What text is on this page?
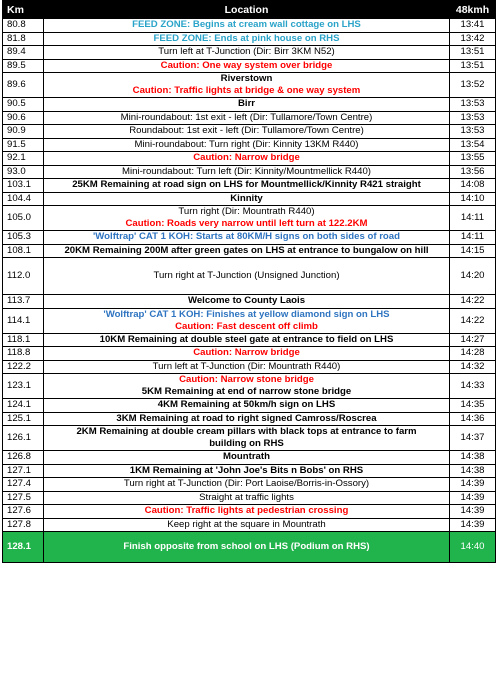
Km	Location	48kmh
80.8	FEED ZONE: Begins at cream wall cottage on LHS	13:41
81.8	FEED ZONE: Ends at pink house on RHS	13:42
89.4	Turn left at T-Junction (Dir: Birr 3KM N52)	13:51
89.5	Caution: One way system over bridge	13:51
89.6	Riverstown
Caution: Traffic lights at bridge & one way system	13:52
90.5	Birr	13:53
90.6	Mini-roundabout: 1st exit - left (Dir: Tullamore/Town Centre)	13:53
90.9	Roundabout: 1st exit - left (Dir: Tullamore/Town Centre)	13:53
91.5	Mini-roundabout: Turn right (Dir: Kinnity 13KM R440)	13:54
92.1	Caution: Narrow bridge	13:55
93.0	Mini-roundabout: Turn left (Dir: Kinnity/Mountmellick R440)	13:56
103.1	25KM Remaining at road sign on LHS for Mountmellick/Kinnity R421 straight	14:08
104.4	Kinnity	14:10
105.0	Turn right (Dir: Mountrath R440)
Caution: Roads very narrow until left turn at 122.2KM	14:11
105.3	'Wolftrap' CAT 1 KOH: Starts at 80KM/H signs on both sides of road	14:11
108.1	20KM Remaining 200M after green gates on LHS at entrance to bungalow on hill	14:15
112.0	Turn right at T-Junction (Unsigned Junction)	14:20
113.7	Welcome to County Laois	14:22
114.1	'Wolftrap' CAT 1 KOH: Finishes at yellow diamond sign on LHS
Caution: Fast descent off climb	14:22
118.1	10KM Remaining at double steel gate at entrance to field on LHS	14:27
118.8	Caution: Narrow bridge	14:28
122.2	Turn left at T-Junction (Dir: Mountrath R440)	14:32
123.1	Caution: Narrow stone bridge
5KM Remaining at end of narrow stone bridge	14:33
124.1	4KM Remaining at 50km/h sign on LHS	14:35
125.1	3KM Remaining at road to right signed Camross/Roscrea	14:36
126.1	2KM Remaining at double cream pillars with black tops at entrance to farm
building on RHS	14:37
126.8	Mountrath	14:38
127.1	1KM Remaining at 'John Joe's Bits n Bobs' on RHS	14:38
127.4	Turn right at T-Junction (Dir: Port Laoise/Borris-in-Ossory)	14:39
127.5	Straight at traffic lights	14:39
127.6	Caution: Traffic lights at pedestrian crossing	14:39
127.8	Keep right at the square in Mountrath	14:39
128.1	Finish opposite from school on LHS (Podium on RHS)	14:40
